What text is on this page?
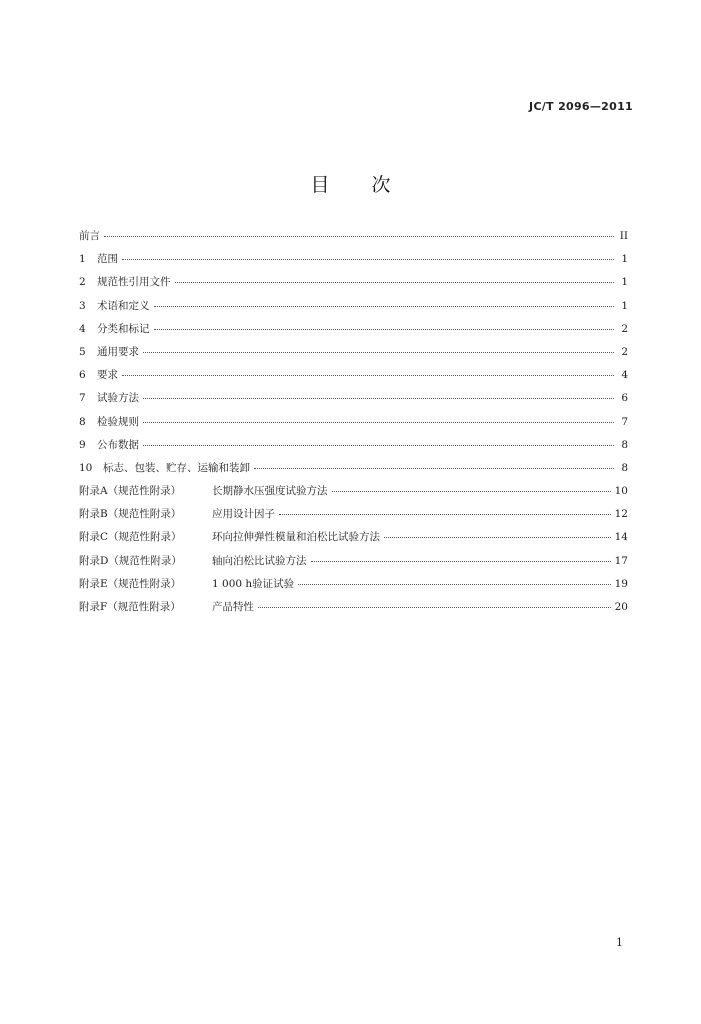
JC/T 2096—2011
目次
前言	II
1	范围	1
2	规范性引用文件	1
3	术语和定义	1
4	分类和标记	2
5	通用要求	2
6	要求	4
7	试验方法	6
8	检验规则	7
9	公布数据	8
10	标志、包装、贮存、运输和装卸	8
附录A（规范性附录）	长期静水压强度试验方法	10
附录B（规范性附录）	应用设计因子	12
附录C（规范性附录）	环向拉伸弹性模量和泊松比试验方法	14
附录D（规范性附录）	轴向泊松比试验方法	17
附录E（规范性附录）	1 000 h验证试验	19
附录F（规范性附录）	产品特性	20
1
